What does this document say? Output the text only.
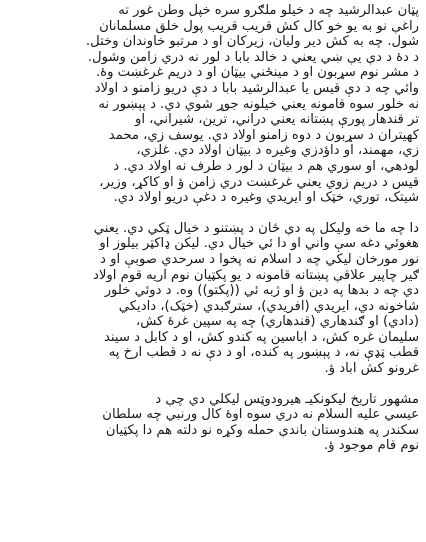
پټان عبدالرشيد چه د خيلو ملګرو سره خپل وطن غور ته
راغې نو به يو خو کال کش قريب قريب پول خلق مسلمانان
شول. چه به کش دير وليان، زيرکان او د مرتبو خاوندان وختل.
د دۀ د دې يې ښي يعني د خالد بابا د لور نه دري زامن وشول.
د مشر نوم سړبون او د مينځني بيټان او د دريم غرغښت وۀ.
وائي چه د دې قيس يا عبدالرشيد بابا د دې دريو زامنو د اولاد
نه خلور سوه قامونه يعني خيلونه جوړ شوي دي. د پېښور نه
تر قندهار پورې پښتانه يعني دراني، ترين، شيراني، او
کهيتران د سړبون د دوه زامنو اولاد دي. يوسف زي، محمد
زي، مهمند، او داؤدزي وغيره د بيټان اولاد دي. غلزي،
لودهي، او سوري هم د بيټان د لور د طرف نه اولاد دي. د
قيس د دريم زوي يعني غرغښت دري زامن ؤ او کاکړ، وزير،
شيتک، توري، خټک او ايريدي وغيره د دغې دريو اولاد دي.
دا چه ما خه وليکل په دې ځان د پښتنو د خيال ټکي دي. يعني
هغوئي دغه سې واني او دا ئي خيال دي. ليکن ډاکټر بيلوز او
نور مورخان ليکي چه د اسلام نه پخوا د سرحدي صوبې او د
ګير چاپير علاقې پښتانه قامونه د يو پکټيان نوم آريه قوم اولاد
دي چه د بدها په دين ؤ او ژبه ئي ((پکتو)) وه. د دوئي خلور
شاخونه دي، ايريدي (افريدي)، سترګبدي (خټک)، داديکي
(دادي) او ګندهاري (قندهاري) چه په سپين غرۀ کش،
سليمان غره کش، د اباسين په کندو کش، او د کابل د سيند
قطب ټډې نه، د پېښور په کنده، او د دې نه د قطب ارخ په
غرونو کش آباد ؤ.
مشهور تاريخ ليکونکيـ هيرودوټس ليکلي دي چې د
عيسي عليه السلام نه دري سوه اوۀ کال ورنبي چه سلطان
سکندر په هندوستان باندې حمله وکړه نو دلته هم دا پکټيان
نوم قام موجود ؤ.
